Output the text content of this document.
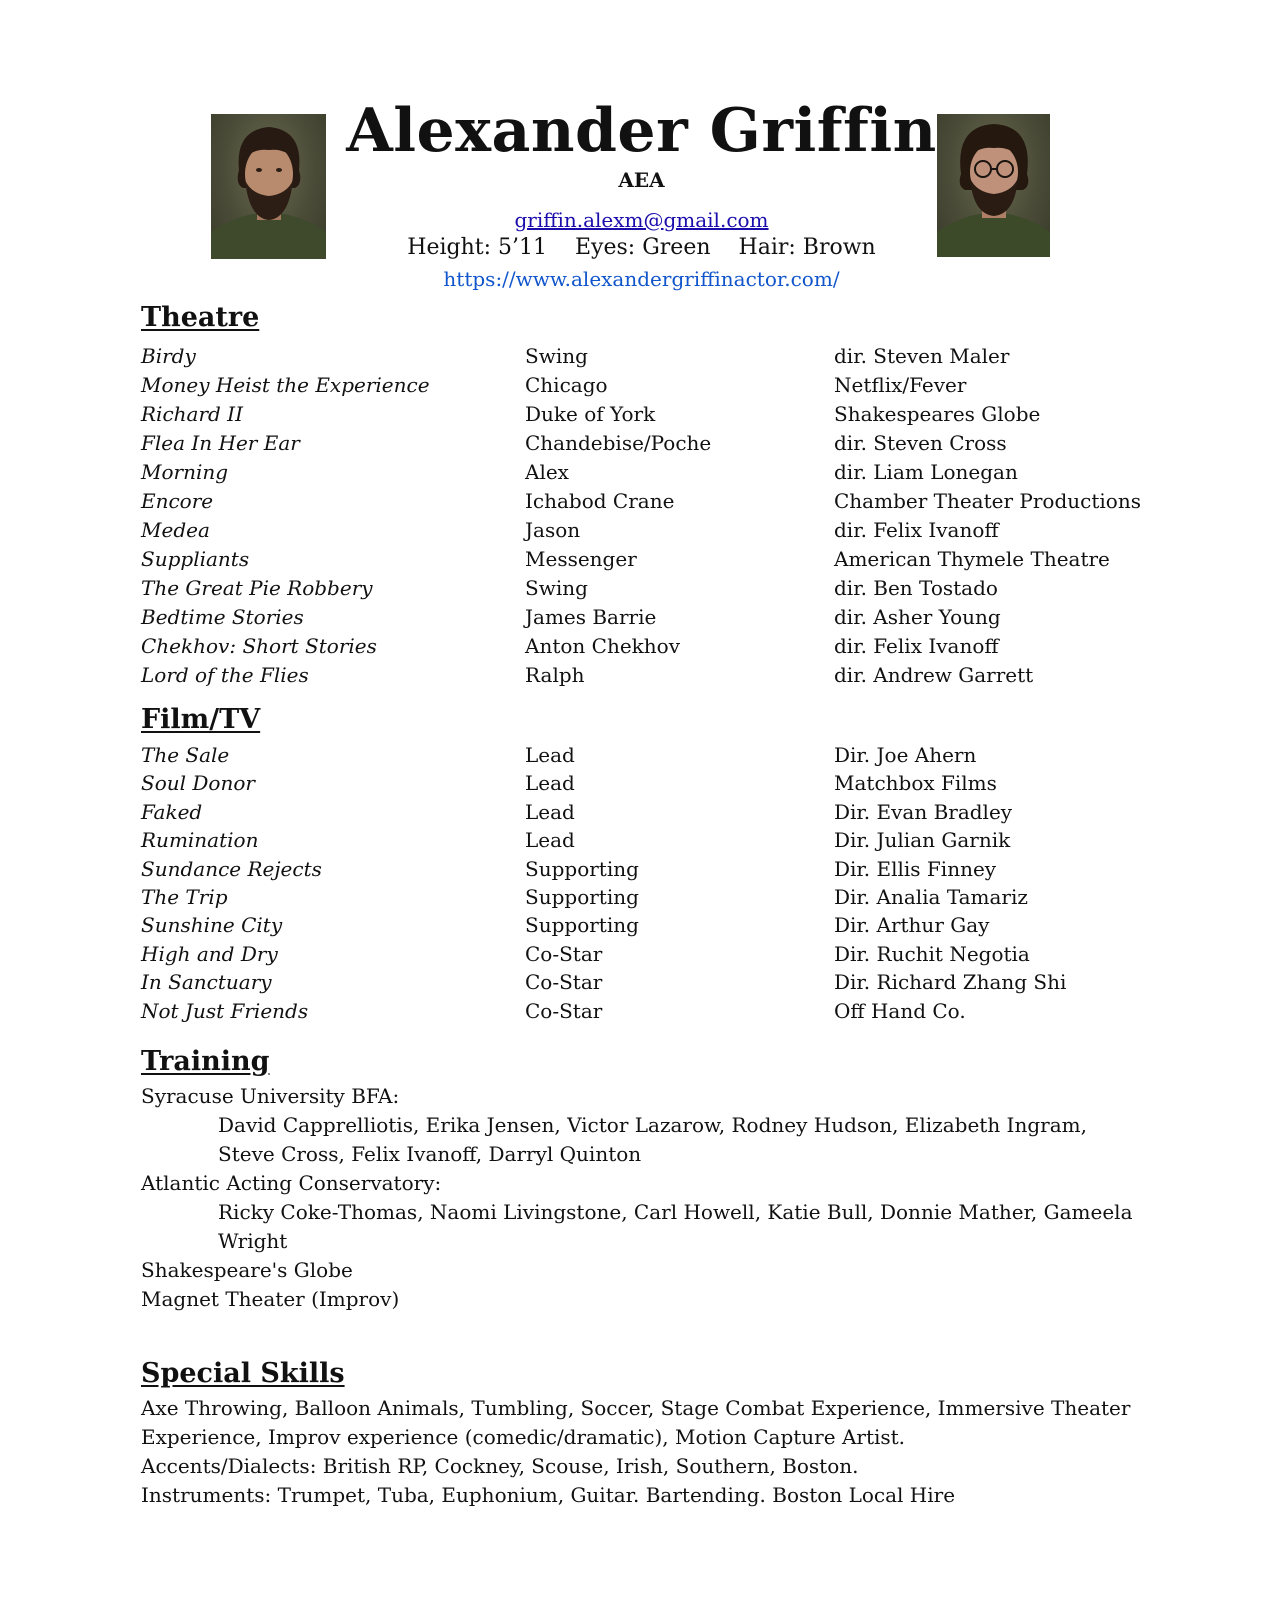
Alexander Griffin
AEA
griffin.alexm@gmail.com
Height: 5’11 Eyes: Green Hair: Brown
https://www.alexandergriffinactor.com/
Theatre
Birdy	Swing	dir. Steven Maler
Money Heist the Experience	Chicago	Netflix/Fever
Richard II	Duke of York	Shakespeares Globe
Flea In Her Ear	Chandebise/Poche	dir. Steven Cross
Morning	Alex	dir. Liam Lonegan
Encore	Ichabod Crane	Chamber Theater Productions
Medea	Jason	dir. Felix Ivanoff
Suppliants	Messenger	American Thymele Theatre
The Great Pie Robbery	Swing	dir. Ben Tostado
Bedtime Stories	James Barrie	dir. Asher Young
Chekhov: Short Stories	Anton Chekhov	dir. Felix Ivanoff
Lord of the Flies	Ralph	dir. Andrew Garrett
Film/TV
The Sale	Lead	Dir. Joe Ahern
Soul Donor	Lead	Matchbox Films
Faked	Lead	Dir. Evan Bradley
Rumination	Lead	Dir. Julian Garnik
Sundance Rejects	Supporting	Dir. Ellis Finney
The Trip	Supporting	Dir. Analia Tamariz
Sunshine City	Supporting	Dir. Arthur Gay
High and Dry	Co-Star	Dir. Ruchit Negotia
In Sanctuary	Co-Star	Dir. Richard Zhang Shi
Not Just Friends	Co-Star	Off Hand Co.
Training

Syracuse University BFA:

David Capprelliotis, Erika Jensen, Victor Lazarow, Rodney Hudson, Elizabeth Ingram, Steve Cross, Felix Ivanoff, Darryl Quinton

Atlantic Acting Conservatory:

Ricky Coke-Thomas, Naomi Livingstone, Carl Howell, Katie Bull, Donnie Mather, Gameela Wright

Shakespeare's Globe

Magnet Theater (Improv)

Special Skills

Axe Throwing, Balloon Animals, Tumbling, Soccer, Stage Combat Experience, Immersive Theater Experience, Improv experience (comedic/dramatic), Motion Capture Artist.

Accents/Dialects: British RP, Cockney, Scouse, Irish, Southern, Boston.

Instruments: Trumpet, Tuba, Euphonium, Guitar. Bartending. Boston Local Hire
